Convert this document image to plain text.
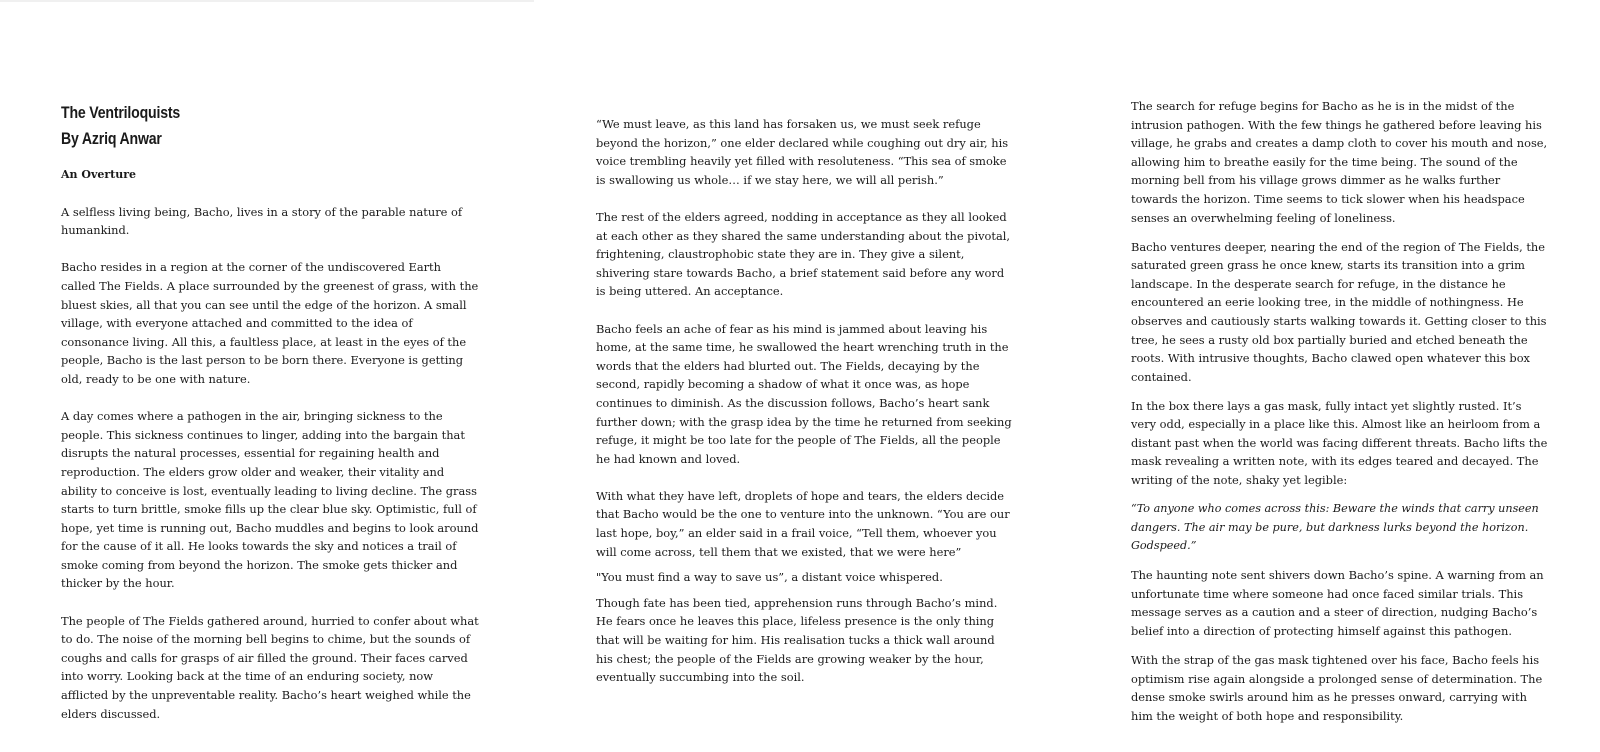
The Ventriloquists

By Azriq Anwar

An Overture

A selfless living being, Bacho, lives in a story of the parable nature of humankind.

Bacho resides in a region at the corner of the undiscovered Earth called The Fields. A place surrounded by the greenest of grass, with the bluest skies, all that you can see until the edge of the horizon. A small village, with everyone attached and committed to the idea of consonance living. All this, a faultless place, at least in the eyes of the people, Bacho is the last person to be born there. Everyone is getting old, ready to be one with nature.

A day comes where a pathogen in the air, bringing sickness to the people. This sickness continues to linger, adding into the bargain that disrupts the natural processes, essential for regaining health and reproduction. The elders grow older and weaker, their vitality and ability to conceive is lost, eventually leading to living decline. The grass starts to turn brittle, smoke fills up the clear blue sky. Optimistic, full of hope, yet time is running out, Bacho muddles and begins to look around for the cause of it all. He looks towards the sky and notices a trail of smoke coming from beyond the horizon. The smoke gets thicker and thicker by the hour.

The people of The Fields gathered around, hurried to confer about what to do. The noise of the morning bell begins to chime, but the sounds of coughs and calls for grasps of air filled the ground. Their faces carved into worry. Looking back at the time of an enduring society, now afflicted by the unpreventable reality. Bacho’s heart weighed while the elders discussed.

“We must leave, as this land has forsaken us, we must seek refuge beyond the horizon,” one elder declared while coughing out dry air, his voice trembling heavily yet filled with resoluteness. “This sea of smoke is swallowing us whole… if we stay here, we will all perish.”

The rest of the elders agreed, nodding in acceptance as they all looked at each other as they shared the same understanding about the pivotal, frightening, claustrophobic state they are in. They give a silent, shivering stare towards Bacho, a brief statement said before any word is being uttered. An acceptance.

Bacho feels an ache of fear as his mind is jammed about leaving his home, at the same time, he swallowed the heart wrenching truth in the words that the elders had blurted out. The Fields, decaying by the second, rapidly becoming a shadow of what it once was, as hope continues to diminish. As the discussion follows, Bacho’s heart sank further down; with the grasp idea by the time he returned from seeking refuge, it might be too late for the people of The Fields, all the people he had known and loved.

With what they have left, droplets of hope and tears, the elders decide that Bacho would be the one to venture into the unknown. “You are our last hope, boy,” an elder said in a frail voice, “Tell them, whoever you will come across, tell them that we existed, that we were here”

"You must find a way to save us”, a distant voice whispered.

Though fate has been tied, apprehension runs through Bacho’s mind. He fears once he leaves this place, lifeless presence is the only thing that will be waiting for him. His realisation tucks a thick wall around his chest; the people of the Fields are growing weaker by the hour, eventually succumbing into the soil.

The search for refuge begins for Bacho as he is in the midst of the intrusion pathogen. With the few things he gathered before leaving his village, he grabs and creates a damp cloth to cover his mouth and nose, allowing him to breathe easily for the time being. The sound of the morning bell from his village grows dimmer as he walks further towards the horizon. Time seems to tick slower when his headspace senses an overwhelming feeling of loneliness.

Bacho ventures deeper, nearing the end of the region of The Fields, the saturated green grass he once knew, starts its transition into a grim landscape. In the desperate search for refuge, in the distance he encountered an eerie looking tree, in the middle of nothingness. He observes and cautiously starts walking towards it. Getting closer to this tree, he sees a rusty old box partially buried and etched beneath the roots. With intrusive thoughts, Bacho clawed open whatever this box contained.

In the box there lays a gas mask, fully intact yet slightly rusted. It’s very odd, especially in a place like this. Almost like an heirloom from a distant past when the world was facing different threats. Bacho lifts the mask revealing a written note, with its edges teared and decayed. The writing of the note, shaky yet legible:

“To anyone who comes across this: Beware the winds that carry unseen dangers. The air may be pure, but darkness lurks beyond the horizon. Godspeed.”

The haunting note sent shivers down Bacho’s spine. A warning from an unfortunate time where someone had once faced similar trials. This message serves as a caution and a steer of direction, nudging Bacho’s belief into a direction of protecting himself against this pathogen.

With the strap of the gas mask tightened over his face, Bacho feels his optimism rise again alongside a prolonged sense of determination. The dense smoke swirls around him as he presses onward, carrying with him the weight of both hope and responsibility.
